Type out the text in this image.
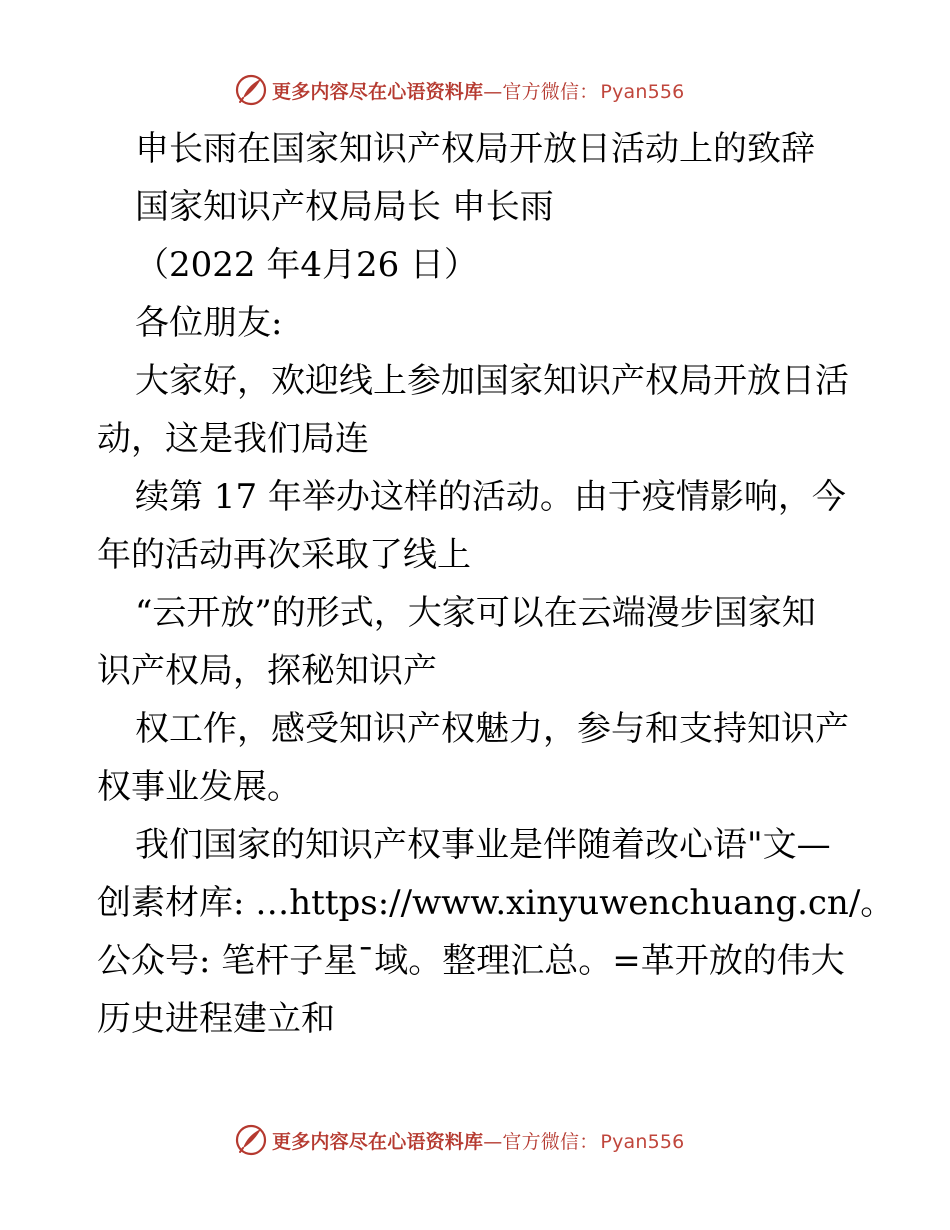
更多内容尽在心语资料库—官方微信： Pyan556
申长雨在国家知识产权局开放日活动上的致辞
国家知识产权局局长 申长雨
（2022 年4月26 日）
各位朋友:
大家好，欢迎线上参加国家知识产权局开放日活
动，这是我们局连
续第 17 年举办这样的活动。由于疫情影响，今
年的活动再次采取了线上
“云开放”的形式，大家可以在云端漫步国家知
识产权局，探秘知识产
权工作，感受知识产权魅力，参与和支持知识产
权事业发展。
我们国家的知识产权事业是伴随着改心语"文—
创素材库: …https://www.xinyuwenchuang.cn/。
公众号: 笔杆子星¯域。整理汇总。=革开放的伟大
历史进程建立和
更多内容尽在心语资料库—官方微信： Pyan556
